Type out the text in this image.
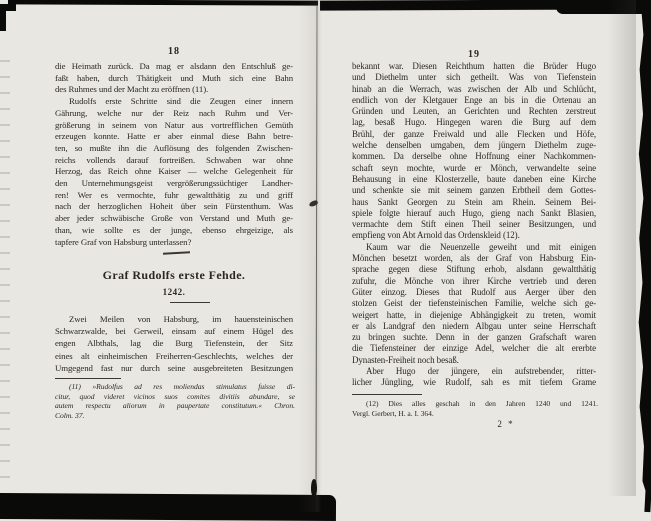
18
die Heimath zurück. Da mag er alsdann den Entschluß ge-
faßt haben, durch Thätigkeit und Muth sich eine Bahn
des Ruhmes und der Macht zu eröffnen (11).
Rudolfs erste Schritte sind die Zeugen einer innern
Gährung, welche nur der Reiz nach Ruhm und Ver-
größerung in seinem von Natur aus vortrefflichen Gemüth
erzeugen konnte. Hatte er aber einmal diese Bahn betre-
ten, so mußte ihn die Auflösung des folgenden Zwischen-
reichs vollends darauf fortreißen. Schwaben war ohne
Herzog, das Reich ohne Kaiser — welche Gelegenheit für
den Unternehmungsgeist vergrößerungssüchtiger Landher-
ren! Wer es vermochte, fuhr gewaltthätig zu und griff
nach der herzoglichen Hoheit über sein Fürstenthum. Was
aber jeder schwäbische Große von Verstand und Muth ge-
than, wie sollte es der junge, ebenso ehrgeizige, als
tapfere Graf von Habsburg unterlassen?
Graf Rudolfs erste Fehde.
1242.
Zwei Meilen von Habsburg, im hauensteinischen
Schwarzwalde, bei Gerweil, einsam auf einem Hügel des
engen Albthals, lag die Burg Tiefenstein, der Sitz
eines alt einheimischen Freiherren-Geschlechts, welches der
Umgegend fast nur durch seine ausgebreiteten Besitzungen
(11) »Rudolfus ad res moliendas stimulatus fuisse di-
citur, quod videret vicinos suos comites divitiis abundare, se
autem respectu aliorum in paupertate constitutum.« Chron.
Colm. 37.
19
bekannt war. Diesen Reichthum hatten die Brüder Hugo
und Diethelm unter sich getheilt. Was von Tiefenstein
hinab an die Werrach, was zwischen der Alb und Schlücht,
endlich von der Kletgauer Enge an bis in die Ortenau an
Gründen und Leuten, an Gerichten und Rechten zerstreut
lag, besaß Hugo. Hingegen waren die Burg auf dem
Brühl, der ganze Freiwald und alle Flecken und Höfe,
welche denselben umgaben, dem jüngern Diethelm zuge-
kommen. Da derselbe ohne Hoffnung einer Nachkommen-
schaft seyn mochte, wurde er Mönch, verwandelte seine
Behausung in eine Klosterzelle, baute daneben eine Kirche
und schenkte sie mit seinem ganzen Erbtheil dem Gottes-
haus Sankt Georgen zu Stein am Rhein. Seinem Bei-
spiele folgte hierauf auch Hugo, gieng nach Sankt Blasien,
vermachte dem Stift einen Theil seiner Besitzungen, und
empfieng von Abt Arnold das Ordenskleid (12).
Kaum war die Neuenzelle geweiht und mit einigen
Mönchen besetzt worden, als der Graf von Habsburg Ein-
sprache gegen diese Stiftung erhob, alsdann gewaltthätig
zufuhr, die Mönche von ihrer Kirche vertrieb und deren
Güter einzog. Dieses that Rudolf aus Aerger über den
stolzen Geist der tiefensteinischen Familie, welche sich ge-
weigert hatte, in diejenige Abhängigkeit zu treten, womit
er als Landgraf den niedern Albgau unter seine Herrschaft
zu bringen suchte. Denn in der ganzen Grafschaft waren
die Tiefensteiner der einzige Adel, welcher die alt ererbte
Dynasten-Freiheit noch besaß.
Aber Hugo der jüngere, ein aufstrebender, ritter-
licher Jüngling, wie Rudolf, sah es mit tiefem Grame
(12) Dies alles geschah in den Jahren 1240 und 1241.
Vergl. Gerbert, H. a. I. 364.
2 *
